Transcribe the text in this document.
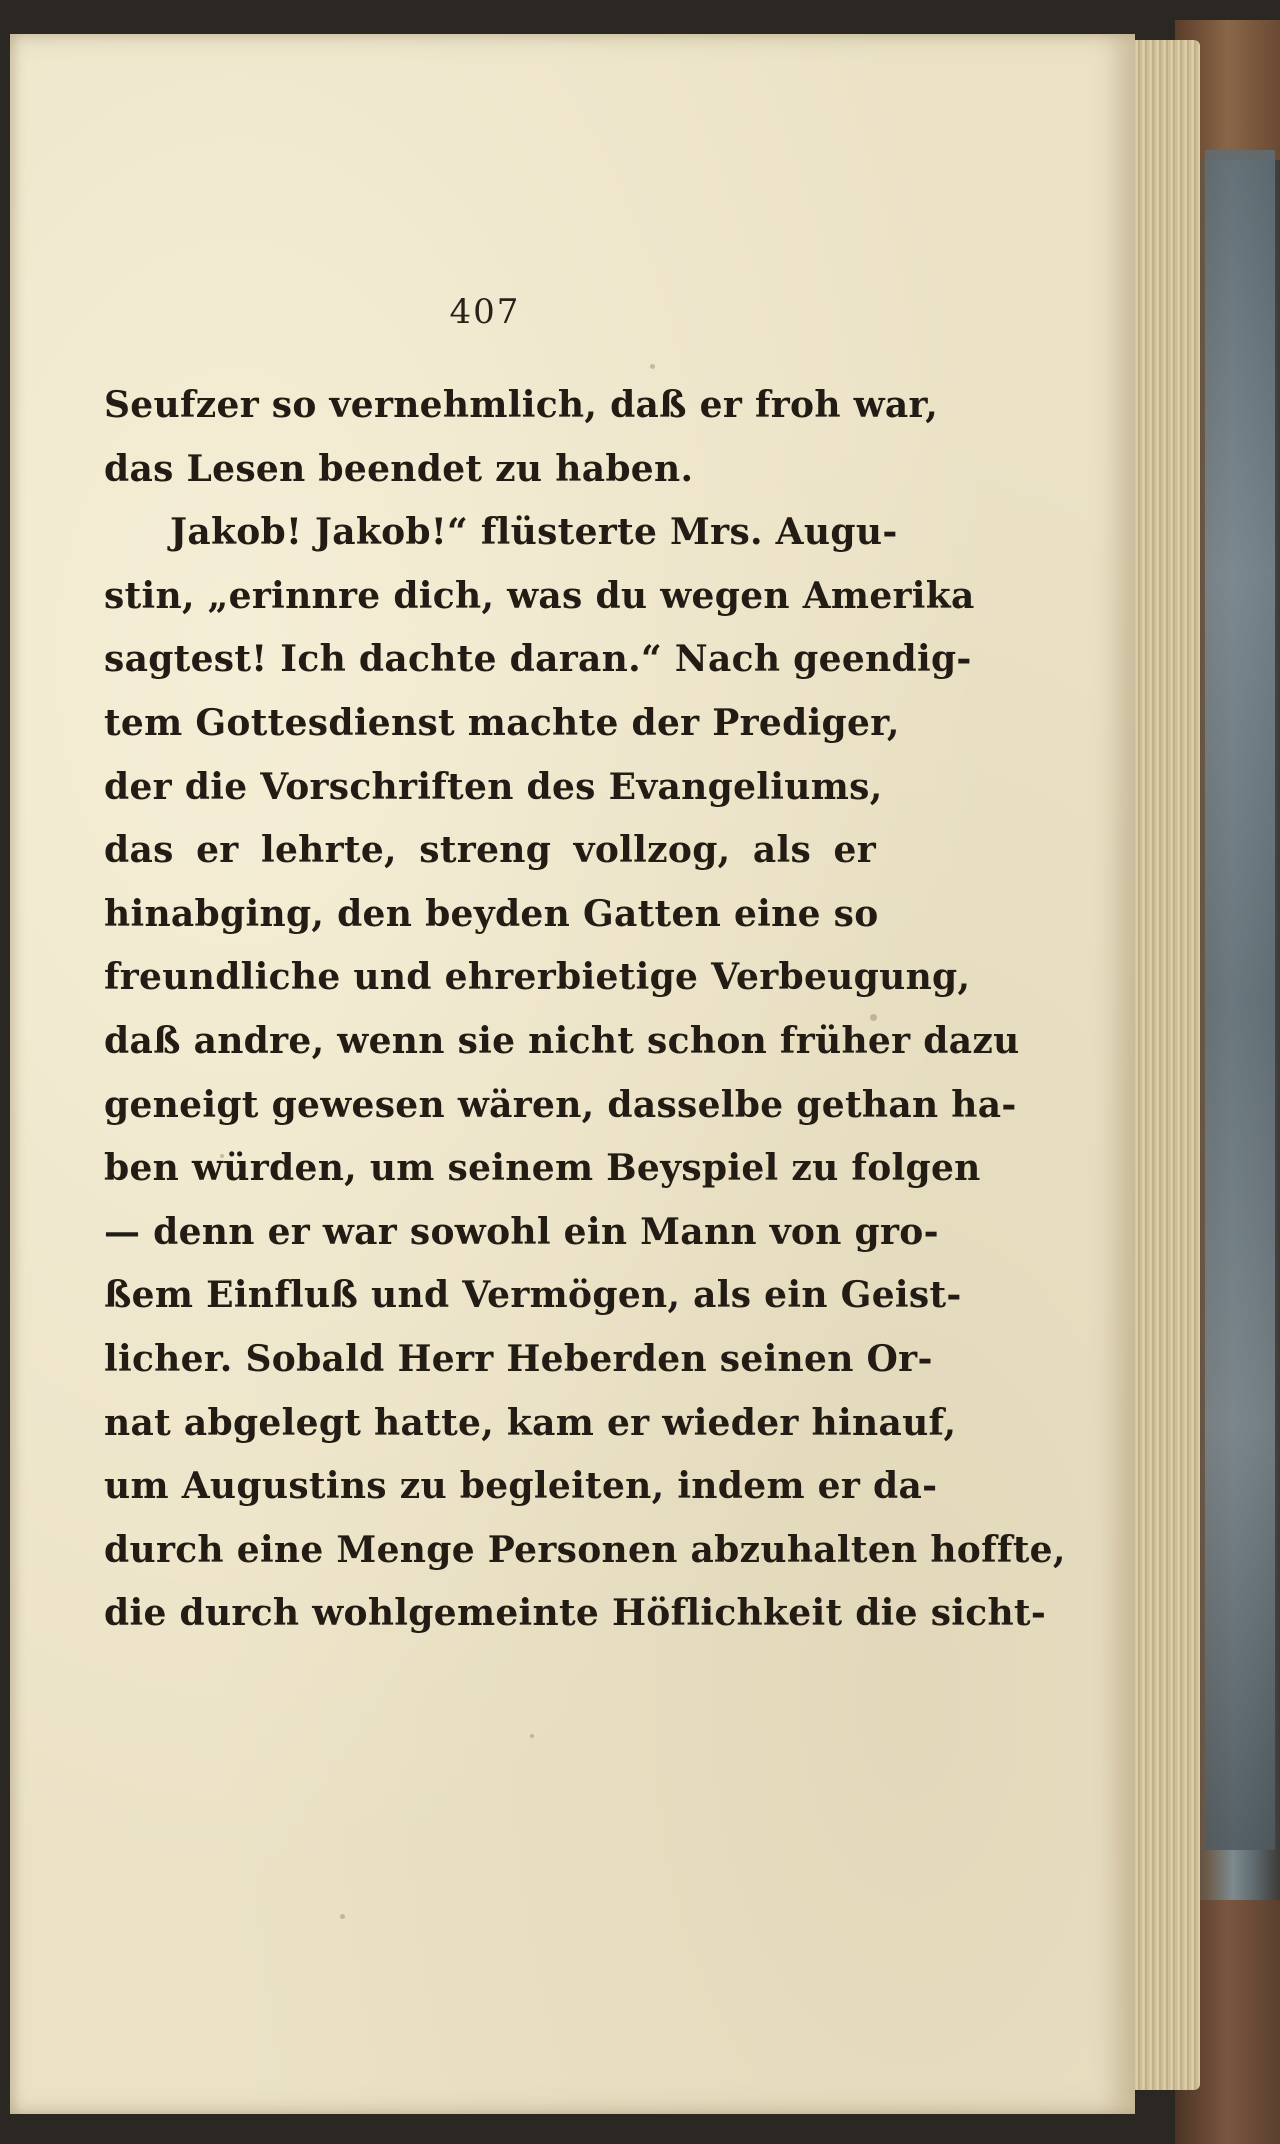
407
Seufzer so vernehmlich, daß er froh war,
das Lesen beendet zu haben.
Jakob! Jakob!“ flüsterte Mrs. Augu-
stin, „erinnre dich, was du wegen Amerika
sagtest! Ich dachte daran.“ Nach geendig-
tem Gottesdienst machte der Prediger,
der die Vorschriften des Evangeliums,
das er lehrte, streng vollzog, als er
hinabging, den beyden Gatten eine so
freundliche und ehrerbietige Verbeugung,
daß andre, wenn sie nicht schon früher dazu
geneigt gewesen wären, dasselbe gethan ha-
ben würden, um seinem Beyspiel zu folgen
— denn er war sowohl ein Mann von gro-
ßem Einfluß und Vermögen, als ein Geist-
licher. Sobald Herr Heberden seinen Or-
nat abgelegt hatte, kam er wieder hinauf,
um Augustins zu begleiten, indem er da-
durch eine Menge Personen abzuhalten hoffte,
die durch wohlgemeinte Höflichkeit die sicht-
